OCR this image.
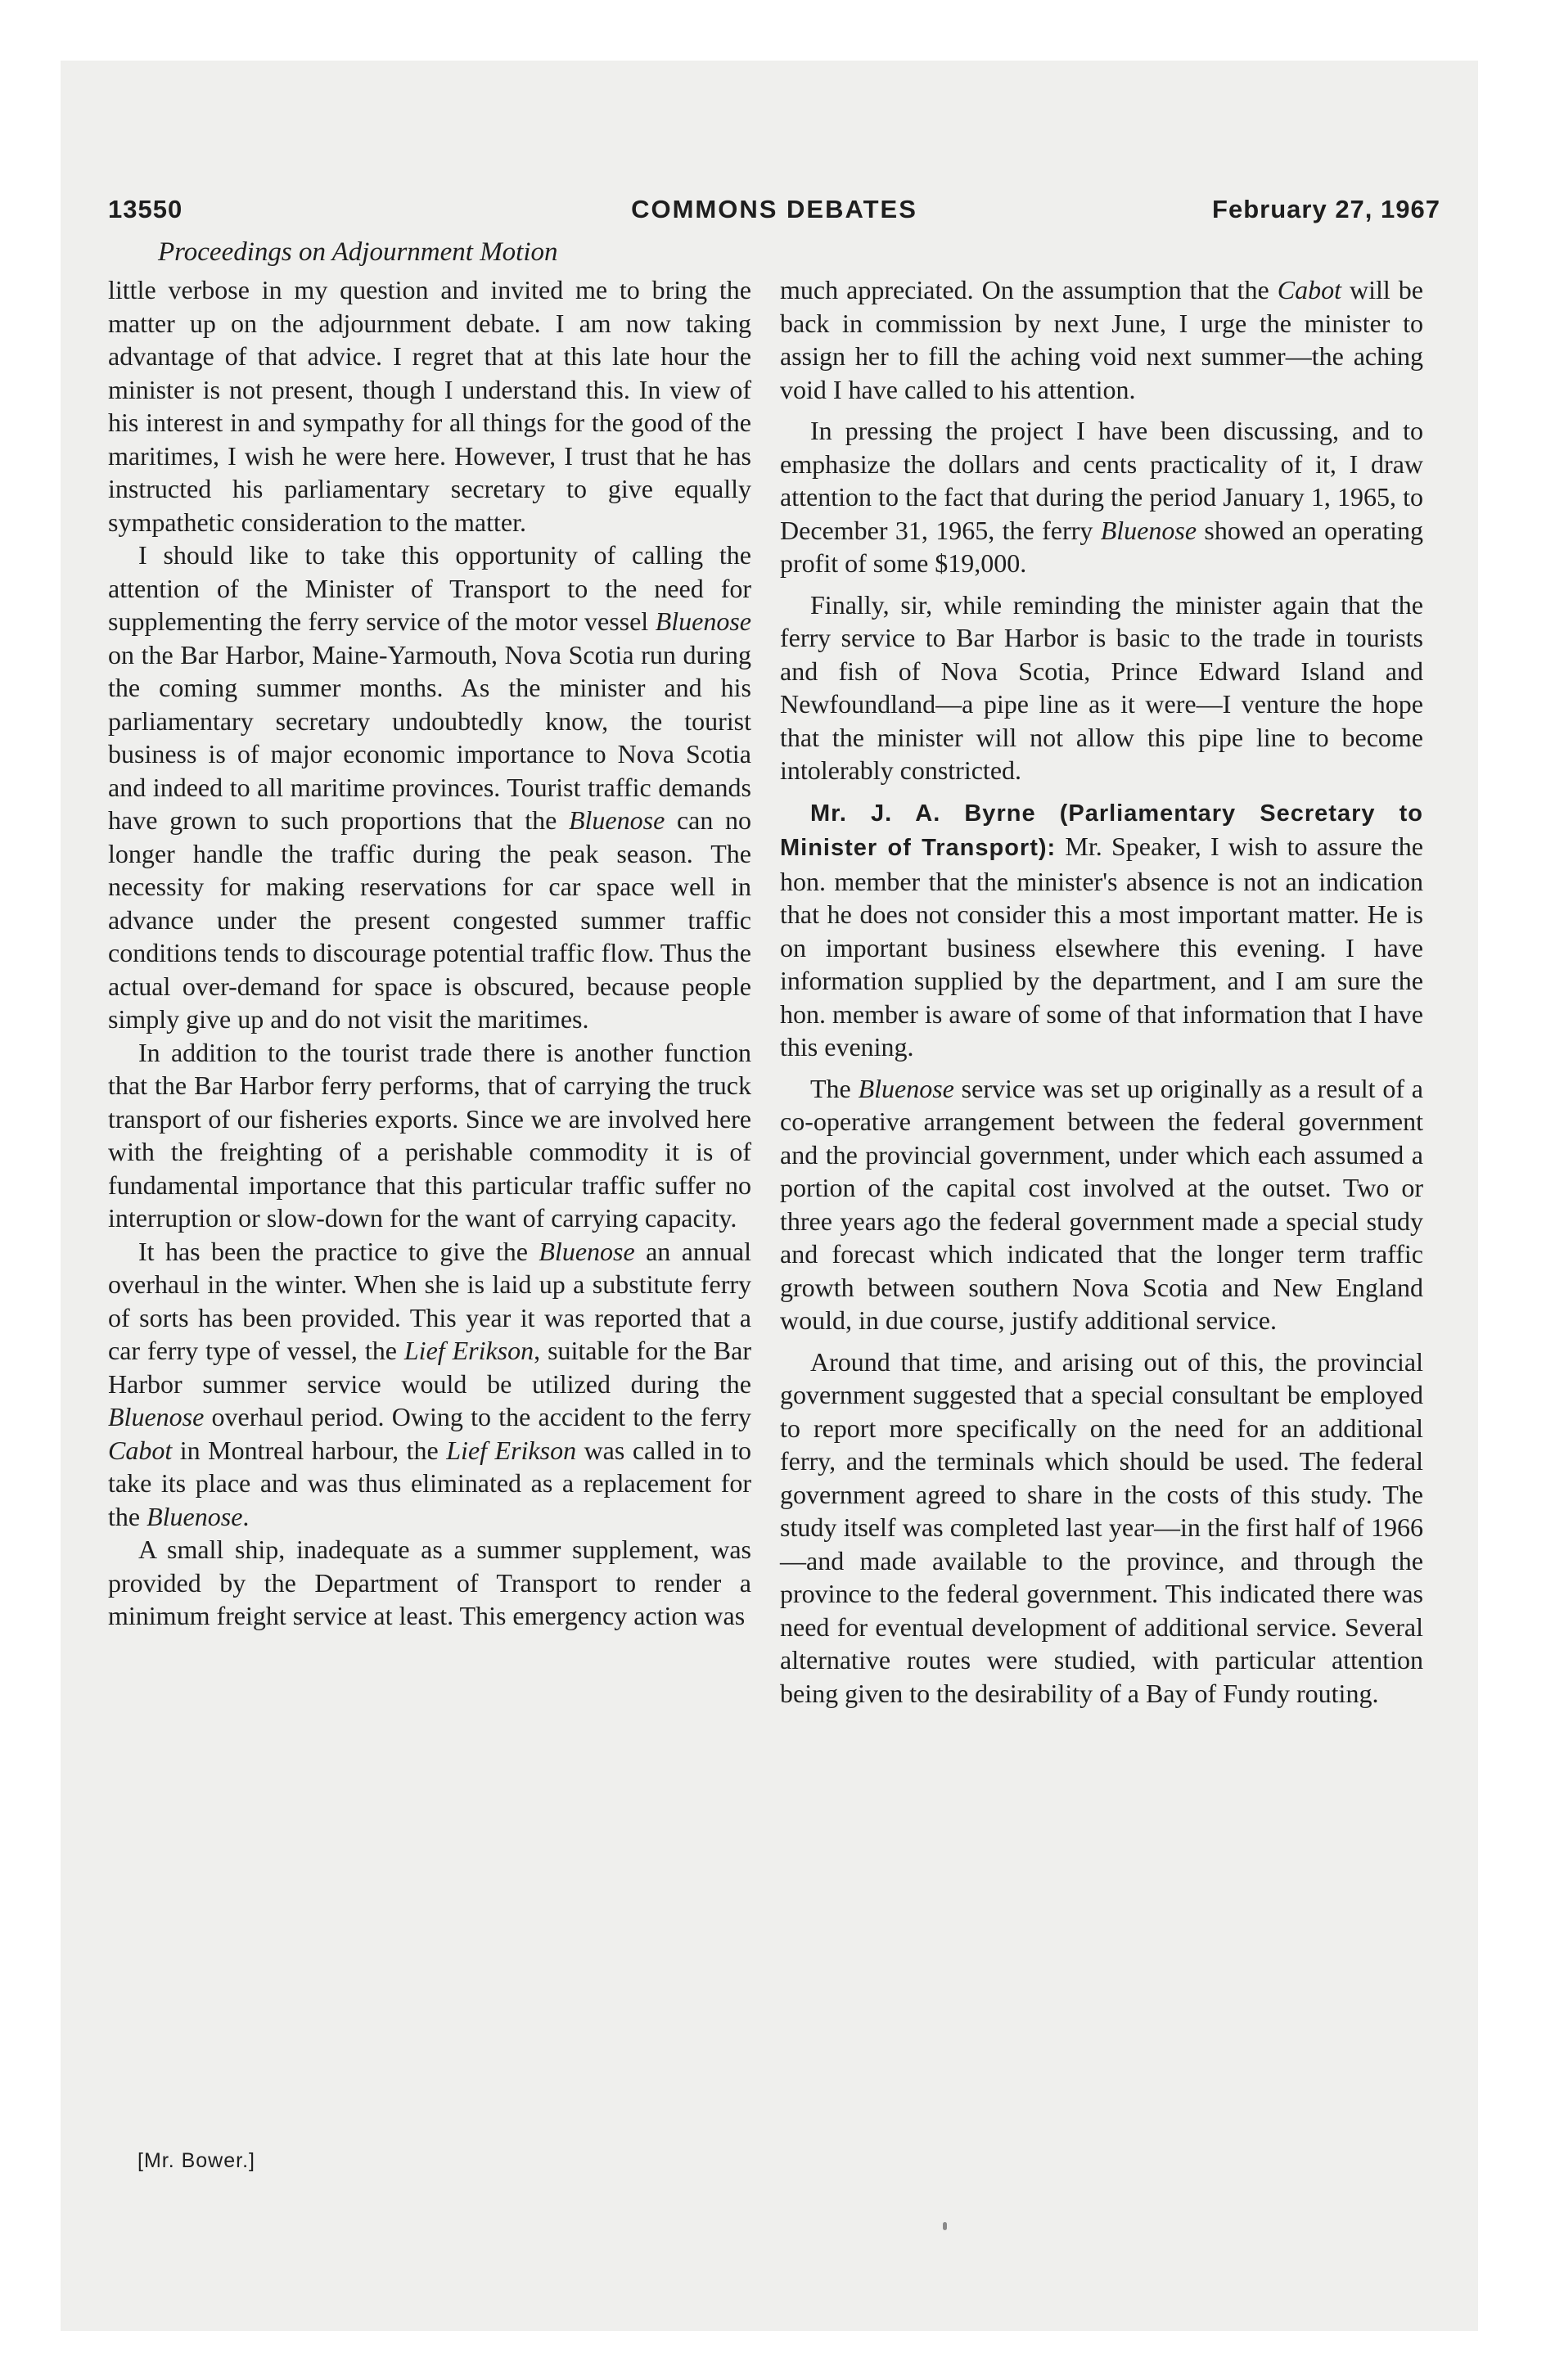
13550	COMMONS DEBATES	February 27, 1967
Proceedings on Adjournment Motion

little verbose in my question and invited me to bring the matter up on the adjournment debate. I am now taking advantage of that advice. I regret that at this late hour the minister is not present, though I understand this. In view of his interest in and sympathy for all things for the good of the maritimes, I wish he were here. However, I trust that he has instructed his parliamentary secretary to give equally sympathetic consideration to the matter.

I should like to take this opportunity of calling the attention of the Minister of Transport to the need for supplementing the ferry service of the motor vessel Bluenose on the Bar Harbor, Maine-Yarmouth, Nova Scotia run during the coming summer months. As the minister and his parliamentary secretary undoubtedly know, the tourist business is of major economic importance to Nova Scotia and indeed to all maritime provinces. Tourist traffic demands have grown to such proportions that the Bluenose can no longer handle the traffic during the peak season. The necessity for making reservations for car space well in advance under the present congested summer traffic conditions tends to discourage potential traffic flow. Thus the actual over-demand for space is obscured, because people simply give up and do not visit the maritimes.

In addition to the tourist trade there is another function that the Bar Harbor ferry performs, that of carrying the truck transport of our fisheries exports. Since we are involved here with the freighting of a perishable commodity it is of fundamental importance that this particular traffic suffer no interruption or slow-down for the want of carrying capacity.

It has been the practice to give the Bluenose an annual overhaul in the winter. When she is laid up a substitute ferry of sorts has been provided. This year it was reported that a car ferry type of vessel, the Lief Erikson, suitable for the Bar Harbor summer service would be utilized during the Bluenose overhaul period. Owing to the accident to the ferry Cabot in Montreal harbour, the Lief Erikson was called in to take its place and was thus eliminated as a replacement for the Bluenose.

A small ship, inadequate as a summer supplement, was provided by the Department of Transport to render a minimum freight service at least. This emergency action was

[Mr. Bower.]

much appreciated. On the assumption that the Cabot will be back in commission by next June, I urge the minister to assign her to fill the aching void next summer—the aching void I have called to his attention.

In pressing the project I have been discussing, and to emphasize the dollars and cents practicality of it, I draw attention to the fact that during the period January 1, 1965, to December 31, 1965, the ferry Bluenose showed an operating profit of some $19,000.

Finally, sir, while reminding the minister again that the ferry service to Bar Harbor is basic to the trade in tourists and fish of Nova Scotia, Prince Edward Island and Newfoundland—a pipe line as it were—I venture the hope that the minister will not allow this pipe line to become intolerably constricted.

Mr. J. A. Byrne (Parliamentary Secretary to Minister of Transport): Mr. Speaker, I wish to assure the hon. member that the minister's absence is not an indication that he does not consider this a most important matter. He is on important business elsewhere this evening. I have information supplied by the department, and I am sure the hon. member is aware of some of that information that I have this evening.

The Bluenose service was set up originally as a result of a co-operative arrangement between the federal government and the provincial government, under which each assumed a portion of the capital cost involved at the outset. Two or three years ago the federal government made a special study and forecast which indicated that the longer term traffic growth between southern Nova Scotia and New England would, in due course, justify additional service.

Around that time, and arising out of this, the provincial government suggested that a special consultant be employed to report more specifically on the need for an additional ferry, and the terminals which should be used. The federal government agreed to share in the costs of this study. The study itself was completed last year—in the first half of 1966—and made available to the province, and through the province to the federal government. This indicated there was need for eventual development of additional service. Several alternative routes were studied, with particular attention being given to the desirability of a Bay of Fundy routing.
